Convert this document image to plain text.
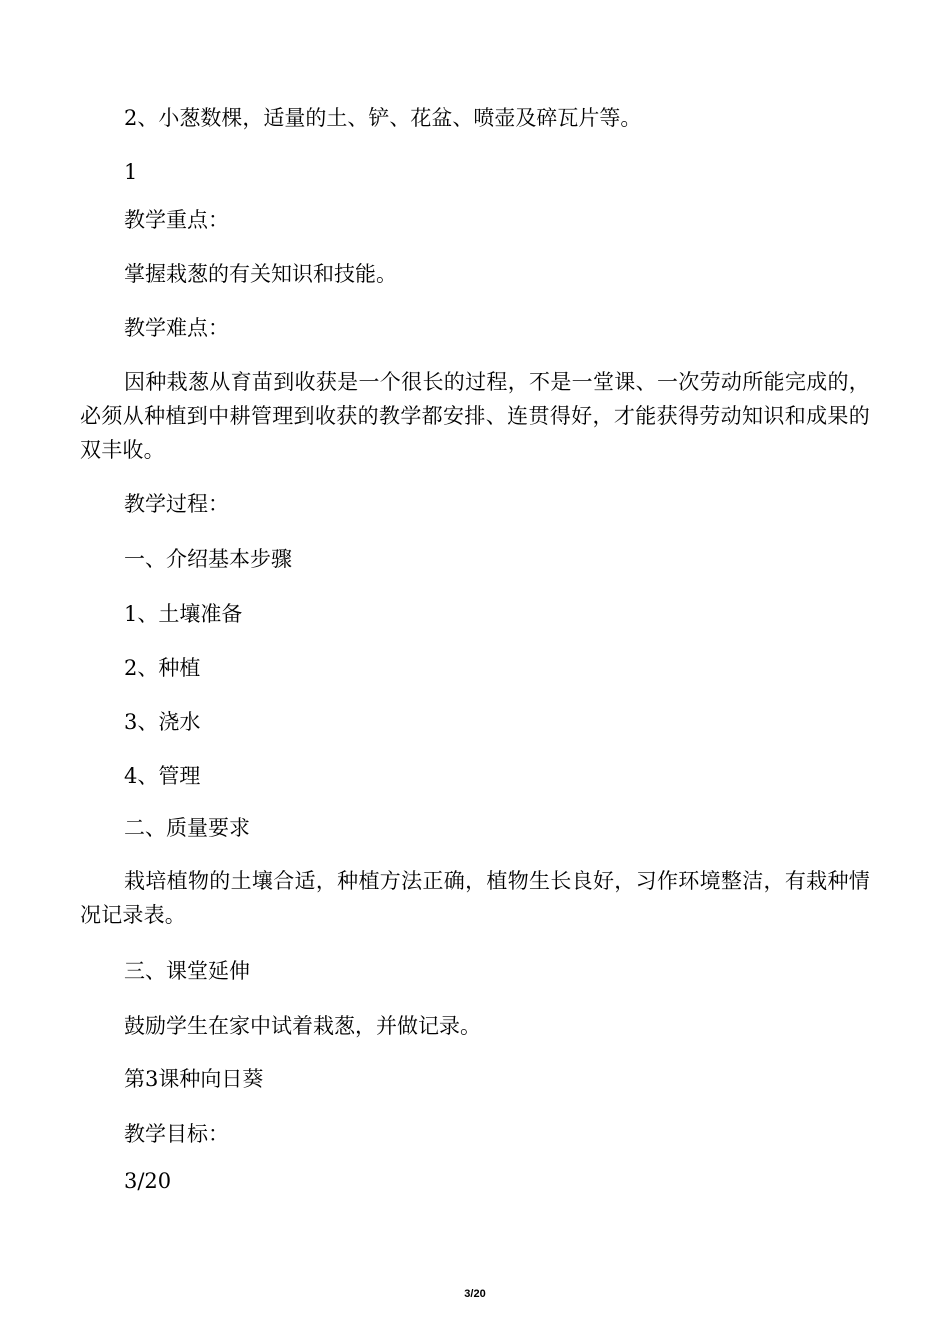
2、小葱数棵，适量的土、铲、花盆、喷壶及碎瓦片等。
1
教学重点：
掌握栽葱的有关知识和技能。
教学难点：
因种栽葱从育苗到收获是一个很长的过程，不是一堂课、一次劳动所能完成的，必须从种植到中耕管理到收获的教学都安排、连贯得好，才能获得劳动知识和成果的双丰收。
教学过程：
一、介绍基本步骤
1、土壤准备
2、种植
3、浇水
4、管理
二、质量要求
栽培植物的土壤合适，种植方法正确，植物生长良好，习作环境整洁，有栽种情况记录表。
三、课堂延伸
鼓励学生在家中试着栽葱，并做记录。
第3课种向日葵
教学目标：
3/20
3/20
